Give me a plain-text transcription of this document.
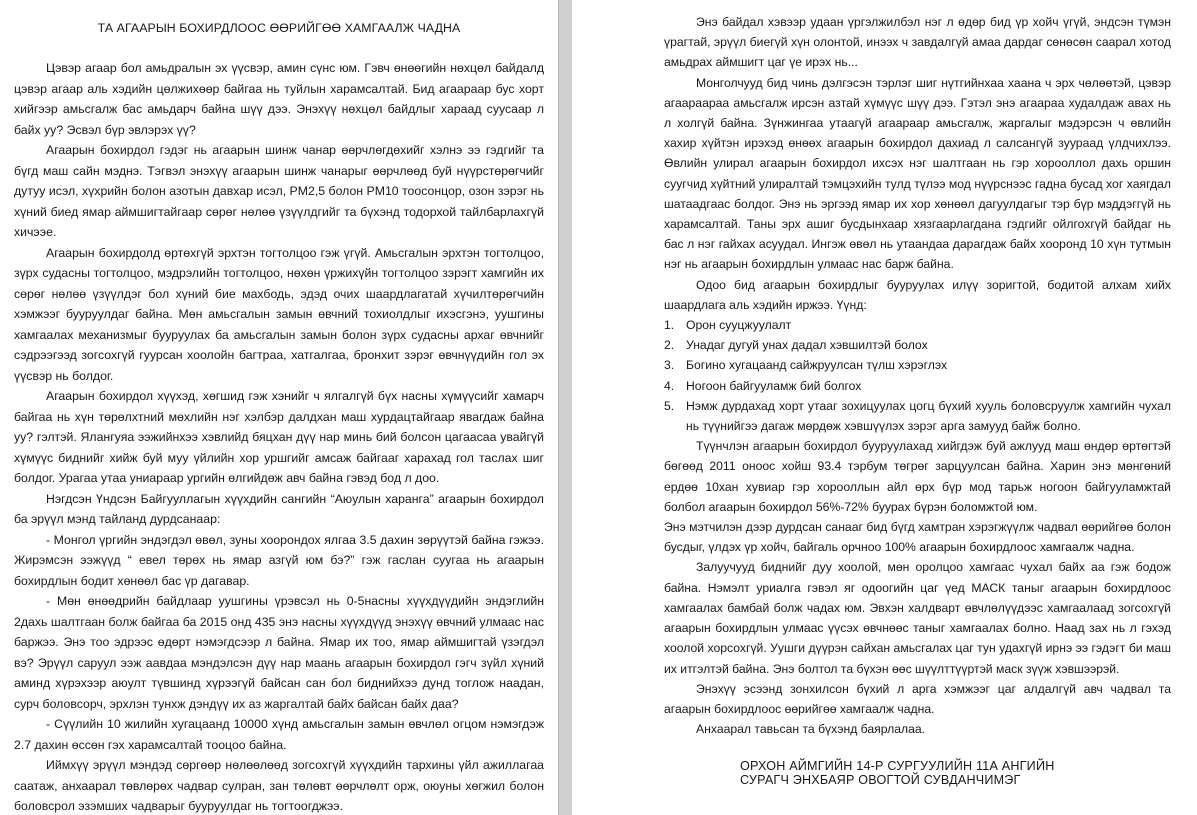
ТА АГААРЫН БОХИРДЛООС ӨӨРИЙГӨӨ ХАМГААЛЖ ЧАДНА

Цэвэр агаар бол амьдралын эх үүсвэр, амин сүнс юм. Гэвч өнөөгийн нөхцөл байдалд цэвэр агаар аль хэдийн цөлжихөөр байгаа нь туйлын харамсалтай. Бид агаараар бус хорт хийгээр амьсгалж бас амьдарч байна шүү дээ. Энэхүү нөхцөл байдлыг хараад суусаар л байх уу? Эсвэл бүр эвлэрэх үү?

Агаарын бохирдол гэдэг нь агаарын шинж чанар өөрчлөгдөхийг хэлнэ ээ гэдгийг та бүгд маш сайн мэднэ. Тэгвэл энэхүү агаарын шинж чанарыг өөрчлөөд буй нүүрстөрөгчийг дутуу исэл, хүхрийн болон азотын давхар исэл, PM2,5 болон PM10 тоосонцор, озон зэрэг нь хүний биед ямар аймшигтайгаар сөрөг нөлөө үзүүлдгийг та бүхэнд тодорхой тайлбарлахгүй хичээе.

Агаарын бохирдолд өртөхгүй эрхтэн тогтолцоо гэж үгүй. Амьсгалын эрхтэн тогтолцоо, зүрх судасны тогтолцоо, мэдрэлийн тогтолцоо, нөхөн үржихүйн тогтолцоо зэрэгт хамгийн их сөрөг нөлөө үзүүлдэг бол хүний бие махбодь, эдэд очих шаардлагатай хүчилтөрөгчийн хэмжээг бууруулдаг байна. Мөн амьсгалын замын өвчний тохиолдлыг ихэсгэнэ, уушгины хамгаалах механизмыг бууруулах ба амьсгалын замын болон зүрх судасны архаг өвчнийг сэдрээгээд зогсохгүй гуурсан хоолойн багтраа, хатгалгаа, бронхит зэрэг өвчнүүдийн гол эх үүсвэр нь болдог.

Агаарын бохирдол хүүхэд, хөгшид гэж хэнийг ч ялгалгүй бүх насны хүмүүсийг хамарч байгаа нь хүн төрөлхтний мөхлийн нэг хэлбэр далдхан маш хурдацтайгаар явагдаж байна уу? гэлтэй. Ялангуяа ээжийнхээ хэвлийд бяцхан дүү нар минь бий болсон цагаасаа увайгүй хүмүүс биднийг хийж буй муу үйлийн хор уршгийг амсаж байгааг харахад гол таслах шиг болдог. Урагаа утаа униараар ургийн өлгийдөж авч байна гэвэд бод л доо.

Нэгдсэн Үндсэн Байгууллагын хүүхдийн сангийн “Аюулын харанга” агаарын бохирдол ба эрүүл мэнд тайланд дурдсанаар:

- Монгол үргийн эндэгдэл өвөл, зуны хоорондох ялгаа 3.5 дахин зөрүүтэй байна гэжээ. Жирэмсэн ээжүүд “ евел төрөх нь ямар азгүй юм бэ?” гэж гаслан суугаа нь агаарын бохирдлын бодит хөнөөл бас үр дагавар.

- Мөн өнөөдрийн байдлаар уушгины үрэвсэл нь 0-5насны хүүхдүүдийн эндэглийн 2дахь шалтгаан болж байгаа ба 2015 онд 435 энэ насны хүүхдүүд энэхүү өвчний улмаас нас баржээ. Энэ тоо эдрээс өдөрт нэмэгдсээр л байна. Ямар их тоо, ямар аймшигтай үзэгдэл вэ? Эрүүл саруул ээж аавдаа мэндэлсэн дүү нар маань агаарын бохирдол гэгч зүйл хүний аминд хүрэхээр аюулт түвшинд хүрээгүй байсан сан бол биднийхээ дунд тоглож наадан, сурч боловсорч, эрхлэн тунхж дэндүү их аз жаргалтай байх байсан байх даа?

- Сүүлийн 10 жилийн хугацаанд 10000 хүнд амьсгалын замын өвчлөл огцом нэмэгдэж 2.7 дахин өссөн гэх харамсалтай тооцоо байна.

Иймхүү эрүүл мэндэд сөргөөр нөлөөлөөд зогсохгүй хүүхдийн тархины үйл ажиллагаа саатаж, анхаарал төвлөрөх чадвар сулран, зан төлөвт өөрчлөлт орж, оюуны хөгжил болон боловсрол эзэмших чадварыг бууруулдаг нь тогтоогджээ.

Энэ байдал хэвээр удаан үргэлжилбэл нэг л өдөр бид үр хойч үгүй, эндсэн түмэн үрагтай, эрүүл биегүй хүн олонтой, инээх ч завдалгүй амаа дардаг сөнөсөн саарал хотод амьдрах аймшигт цаг үе ирэх нь...

Монголчууд бид чинь дэлгэсэн тэрлэг шиг нүтгийнхаа хаана ч эрх чөлөөтэй, цэвэр агаараараа амьсгалж ирсэн азтай хүмүүс шүү дээ. Гэтэл энэ агаараа худалдаж авах нь л холгүй байна. Зүнжингаа утаагүй агаараар амьсгалж, жаргалыг мэдэрсэн ч өвлийн хахир хүйтэн ирэхэд өнөөх агаарын бохирдол дахиад л салсангүй зуураад үлдчихлээ. Өвлийн улирал агаарын бохирдол ихсэх нэг шалтгаан нь гэр хорооллол дахь оршин суугчид хүйтний улиралтай тэмцэхийн тулд түлээ мод нүүрснээс гадна бусад хог хаягдал шатаадгаас болдог. Энэ нь эргээд ямар их хор хөнөөл дагуулдагыг тэр бүр мэддэггүй нь харамсалтай. Таны эрх ашиг бусдынхаар хязгаарлагдана гэдгийг ойлгохгүй байдаг нь бас л нэг гайхах асуудал. Ингэж өвөл нь утаандаа дарагдаж байх хооронд 10 хүн тутмын нэг нь агаарын бохирдлын улмаас нас барж байна.

Одоо бид агаарын бохирдлыг бууруулах илүү зоригтой, бодитой алхам хийх шаардлага аль хэдийн иржээ. Үүнд:

1. Орон сууцжуулалт
2. Унадаг дугуй унах дадал хэвшилтэй болох
3. Богино хугацаанд сайжруулсан түлш хэрэглэх
4. Ногоон байгууламж бий болгох
5. Нэмж дурдахад хорт утааг зохицуулах цогц бүхий хууль боловсруулж хамгийн чухал нь түүнийгээ дагаж мөрдөж хэвшүүлэх зэрэг арга замууд байж болно.

Түүнчлэн агаарын бохирдол бууруулахад хийгдэж буй ажлууд маш өндөр өртөгтэй бөгөөд 2011 оноос хойш 93.4 тэрбум төгрөг зарцуулсан байна. Харин энэ мөнгөний ердөө 10хан хувиар гэр хорооллын айл өрх бүр мод тарьж ногоон байгууламжтай болбол агаарын бохирдол 56%-72% буурах бүрэн боломжтой юм.

Энэ мэтчилэн дээр дурдсан санааг бид бүгд хамтран хэрэгжүүлж чадвал өөрийгөө болон бусдыг, үлдэх үр хойч, байгаль орчноо 100% агаарын бохирдлоос хамгаалж чадна.

Залуучууд биднийг дуу хоолой, мөн оролцоо хамгаас чухал байх аа гэж бодож байна. Нэмэлт уриалга гэвэл яг одоогийн цаг үед МАСК таныг агаарын бохирдлоос хамгаалах бамбай болж чадах юм. Эвхэн халдварт өвчлөлүүдээс хамгаалаад зогсохгүй агаарын бохирдлын улмаас үүсэх өвчнөөс таныг хамгаалах болно. Наад зах нь л гэхэд хоолой хорсохгүй. Уушги дүүрэн сайхан амьсгалах цаг тун удахгүй ирнэ ээ гэдэгт би маш их итгэлтэй байна. Энэ болтол та бүхэн өөс шүүлттүүртэй маск зүүж хэвшээрэй.

Энэхүү эсээнд зонхилсон бүхий л арга хэмжээг цаг алдалгүй авч чадвал та агаарын бохирдлоос өөрийгөө хамгаалж чадна.

Анхаарал тавьсан та бүхэнд баярлалаа.

ОРХОН АЙМГИЙН 14-Р СУРГУУЛИЙН 11А АНГИЙН
СУРАГЧ ЭНХБАЯР ОВОГТОЙ СУВДАНЧИМЭГ
